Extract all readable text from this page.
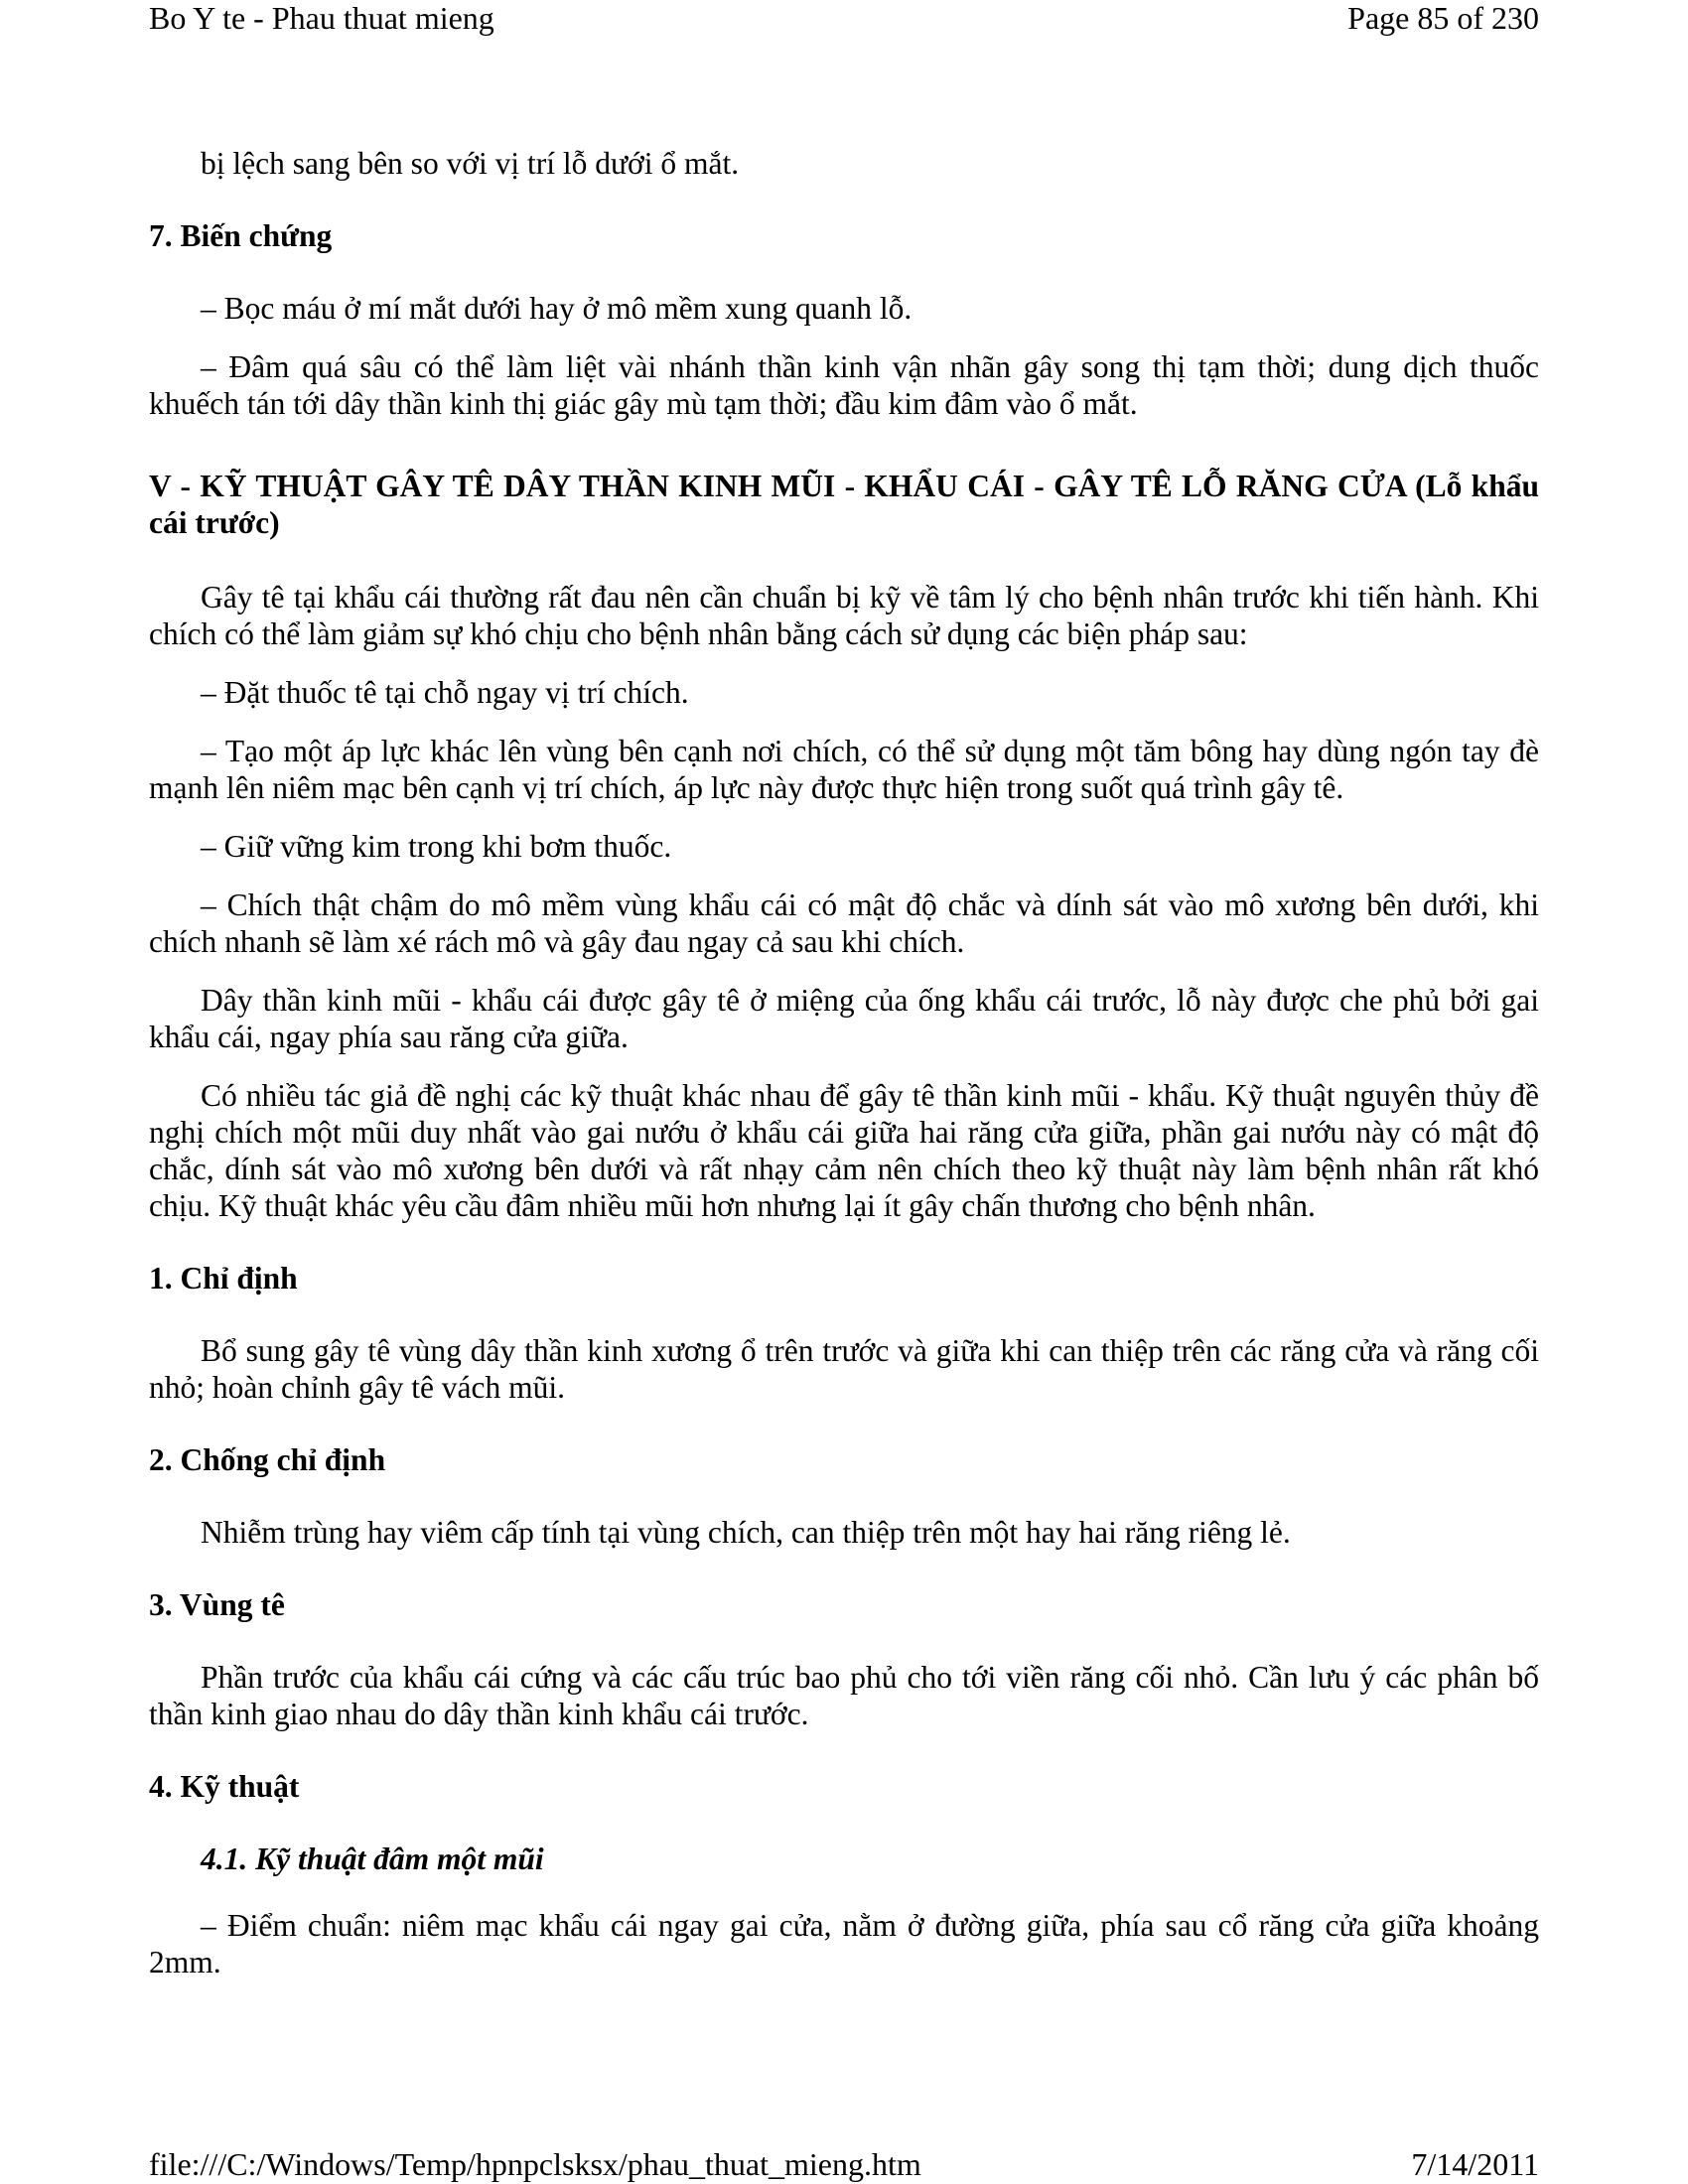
Bo Y te - Phau thuat mieng	Page 85 of 230

bị lệch sang bên so với vị trí lỗ dưới ổ mắt.

7. Biến chứng

– Bọc máu ở mí mắt dưới hay ở mô mềm xung quanh lỗ.

– Đâm quá sâu có thể làm liệt vài nhánh thần kinh vận nhãn gây song thị tạm thời; dung dịch thuốc khuếch tán tới dây thần kinh thị giác gây mù tạm thời; đầu kim đâm vào ổ mắt.

V - KỸ THUẬT GÂY TÊ DÂY THẦN KINH MŨI - KHẨU CÁI - GÂY TÊ LỖ RĂNG CỬA (Lỗ khẩu cái trước)

Gây tê tại khẩu cái thường rất đau nên cần chuẩn bị kỹ về tâm lý cho bệnh nhân trước khi tiến hành. Khi chích có thể làm giảm sự khó chịu cho bệnh nhân bằng cách sử dụng các biện pháp sau:

– Đặt thuốc tê tại chỗ ngay vị trí chích.

– Tạo một áp lực khác lên vùng bên cạnh nơi chích, có thể sử dụng một tăm bông hay dùng ngón tay đè mạnh lên niêm mạc bên cạnh vị trí chích, áp lực này được thực hiện trong suốt quá trình gây tê.

– Giữ vững kim trong khi bơm thuốc.

– Chích thật chậm do mô mềm vùng khẩu cái có mật độ chắc và dính sát vào mô xương bên dưới, khi chích nhanh sẽ làm xé rách mô và gây đau ngay cả sau khi chích.

Dây thần kinh mũi - khẩu cái được gây tê ở miệng của ống khẩu cái trước, lỗ này được che phủ bởi gai khẩu cái, ngay phía sau răng cửa giữa.

Có nhiều tác giả đề nghị các kỹ thuật khác nhau để gây tê thần kinh mũi - khẩu. Kỹ thuật nguyên thủy đề nghị chích một mũi duy nhất vào gai nướu ở khẩu cái giữa hai răng cửa giữa, phần gai nướu này có mật độ chắc, dính sát vào mô xương bên dưới và rất nhạy cảm nên chích theo kỹ thuật này làm bệnh nhân rất khó chịu. Kỹ thuật khác yêu cầu đâm nhiều mũi hơn nhưng lại ít gây chấn thương cho bệnh nhân.

1. Chỉ định

Bổ sung gây tê vùng dây thần kinh xương ổ trên trước và giữa khi can thiệp trên các răng cửa và răng cối nhỏ; hoàn chỉnh gây tê vách mũi.

2. Chống chỉ định

Nhiễm trùng hay viêm cấp tính tại vùng chích, can thiệp trên một hay hai răng riêng lẻ.

3. Vùng tê

Phần trước của khẩu cái cứng và các cấu trúc bao phủ cho tới viền răng cối nhỏ. Cần lưu ý các phân bố thần kinh giao nhau do dây thần kinh khẩu cái trước.

4. Kỹ thuật

4.1. Kỹ thuật đâm một mũi

– Điểm chuẩn: niêm mạc khẩu cái ngay gai cửa, nằm ở đường giữa, phía sau cổ răng cửa giữa khoảng 2mm.

file:///C:/Windows/Temp/hpnpclsksx/phau_thuat_mieng.htm	7/14/2011
